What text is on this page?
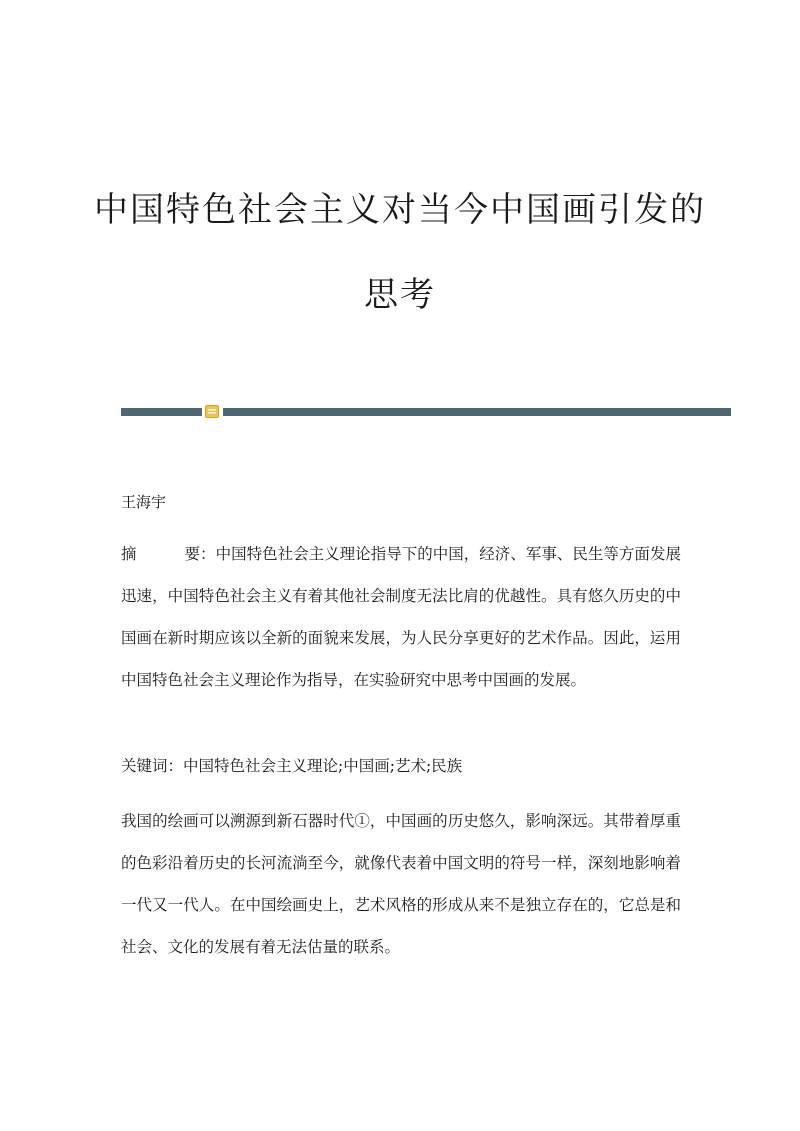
中国特色社会主义对当今中国画引发的
思考
王海宇

摘	要：中国特色社会主义理论指导下的中国，经济、军事、民生等方面发展迅速，中国特色社会主义有着其他社会制度无法比肩的优越性。具有悠久历史的中国画在新时期应该以全新的面貌来发展，为人民分享更好的艺术作品。因此，运用中国特色社会主义理论作为指导，在实验研究中思考中国画的发展。

关键词：中国特色社会主义理论;中国画;艺术;民族

我国的绘画可以溯源到新石器时代①，中国画的历史悠久，影响深远。其带着厚重的色彩沿着历史的长河流淌至今，就像代表着中国文明的符号一样，深刻地影响着一代又一代人。在中国绘画史上，艺术风格的形成从来不是独立存在的，它总是和社会、文化的发展有着无法估量的联系。
